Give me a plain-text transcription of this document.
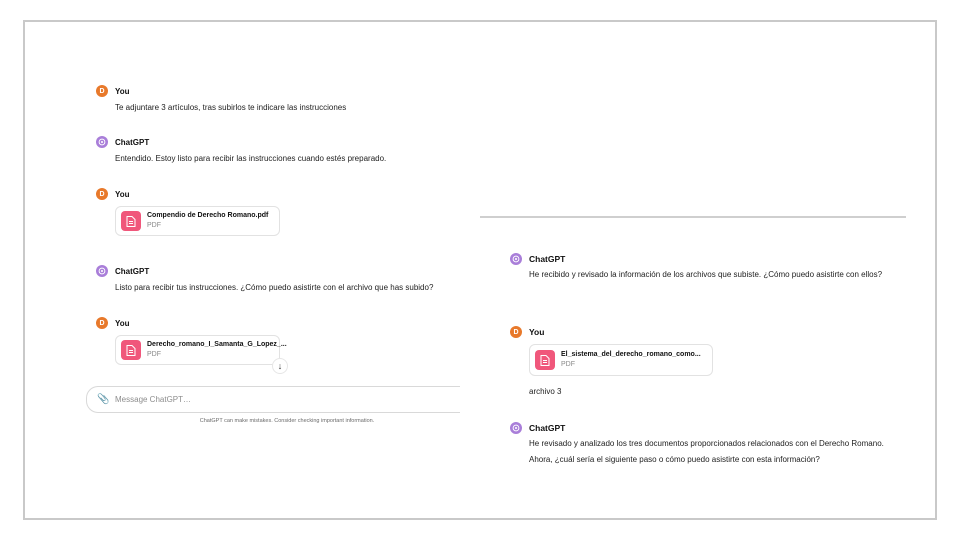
D	You
Te adjuntare 3 artículos, tras subirlos te indicare las instrucciones
ChatGPT
Entendido. Estoy listo para recibir las instrucciones cuando estés preparado.
D	You
Compendio de Derecho Romano.pdf
PDF
ChatGPT
Listo para recibir tus instrucciones. ¿Cómo puedo asistirte con el archivo que has subido?
D	You
Derecho_romano_I_Samanta_G_Lopez_...
PDF
↓
📎
Message ChatGPT…
ChatGPT can make mistakes. Consider checking important information.
ChatGPT
He recibido y revisado la información de los archivos que subiste. ¿Cómo puedo asistirte con ellos?
D	You
El_sistema_del_derecho_romano_como...
PDF
archivo 3
ChatGPT
He revisado y analizado los tres documentos proporcionados relacionados con el Derecho Romano. Ahora, ¿cuál sería el siguiente paso o cómo puedo asistirte con esta información?
